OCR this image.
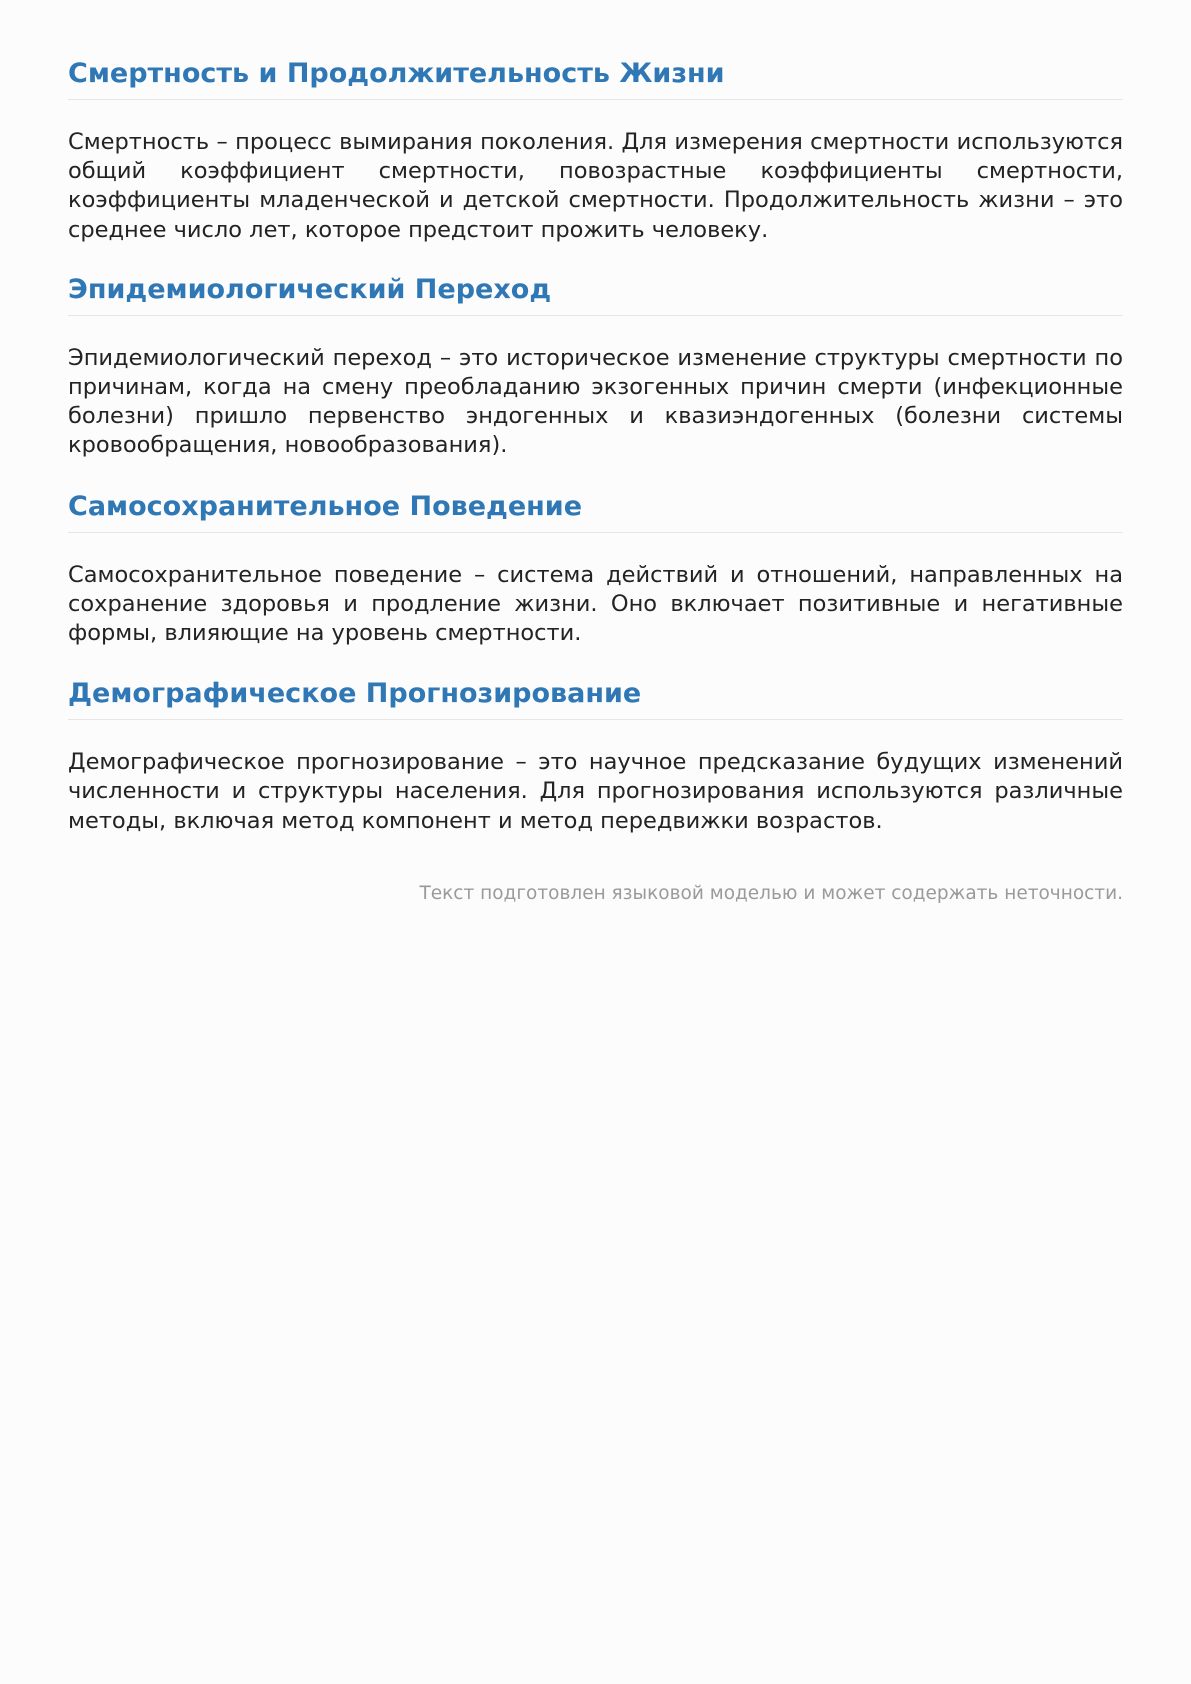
Смертность и Продолжительность Жизни

Смертность – процесс вымирания поколения. Для измерения смертности используются общий коэффициент смертности, повозрастные коэффициенты смертности, коэффициенты младенческой и детской смертности. Продолжительность жизни – это среднее число лет, которое предстоит прожить человеку.

Эпидемиологический Переход

Эпидемиологический переход – это историческое изменение структуры смертности по причинам, когда на смену преобладанию экзогенных причин смерти (инфекционные болезни) пришло первенство эндогенных и квазиэндогенных (болезни системы кровообращения, новообразования).

Самосохранительное Поведение

Самосохранительное поведение – система действий и отношений, направленных на сохранение здоровья и продление жизни. Оно включает позитивные и негативные формы, влияющие на уровень смертности.

Демографическое Прогнозирование

Демографическое прогнозирование – это научное предсказание будущих изменений численности и структуры населения. Для прогнозирования используются различные методы, включая метод компонент и метод передвижки возрастов.

Текст подготовлен языковой моделью и может содержать неточности.
